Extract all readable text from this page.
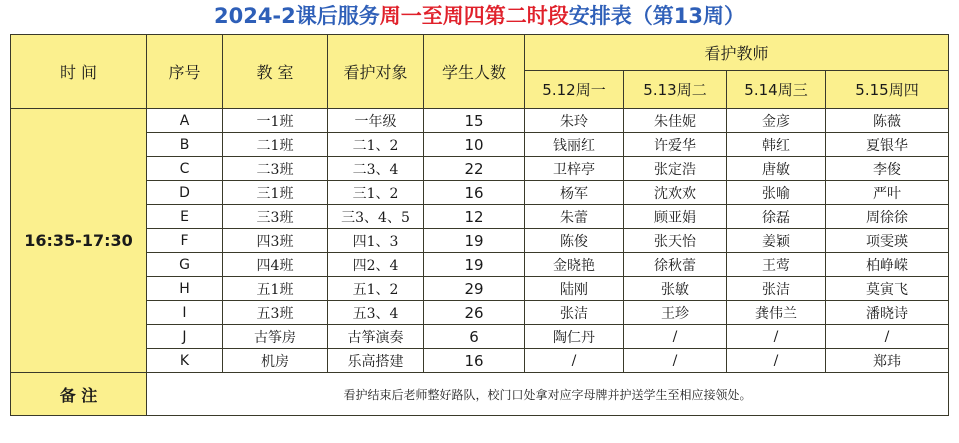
2024-2课后服务周一至周四第二时段安排表（第13周）
时 间	序号	教 室	看护对象	学生人数	看护教师			
					5.12周一	5.13周二	5.14周三	5.15周四
16:35-17:30	A	一1班	一年级	15	朱玲	朱佳妮	金彦	陈薇
	B	二1班	二1、2	10	钱丽红	许爱华	韩红	夏银华
	C	二3班	二3、4	22	卫梓亭	张定浩	唐敏	李俊
	D	三1班	三1、2	16	杨军	沈欢欢	张喻	严叶
	E	三3班	三3、4、5	12	朱蕾	顾亚娟	徐磊	周徐徐
	F	四3班	四1、3	19	陈俊	张天怡	姜颖	项雯瑛
	G	四4班	四2、4	19	金晓艳	徐秋蕾	王莺	柏峥嵘
	H	五1班	五1、2	29	陆刚	张敏	张洁	莫寅飞
	I	五3班	五3、4	26	张洁	王珍	龚伟兰	潘晓诗
	J	古筝房	古筝演奏	6	陶仁丹	/	/	/
	K	机房	乐高搭建	16	/	/	/	郑玮
备 注	看护结束后老师整好路队，校门口处拿对应字母牌并护送学生至相应接领处。							
